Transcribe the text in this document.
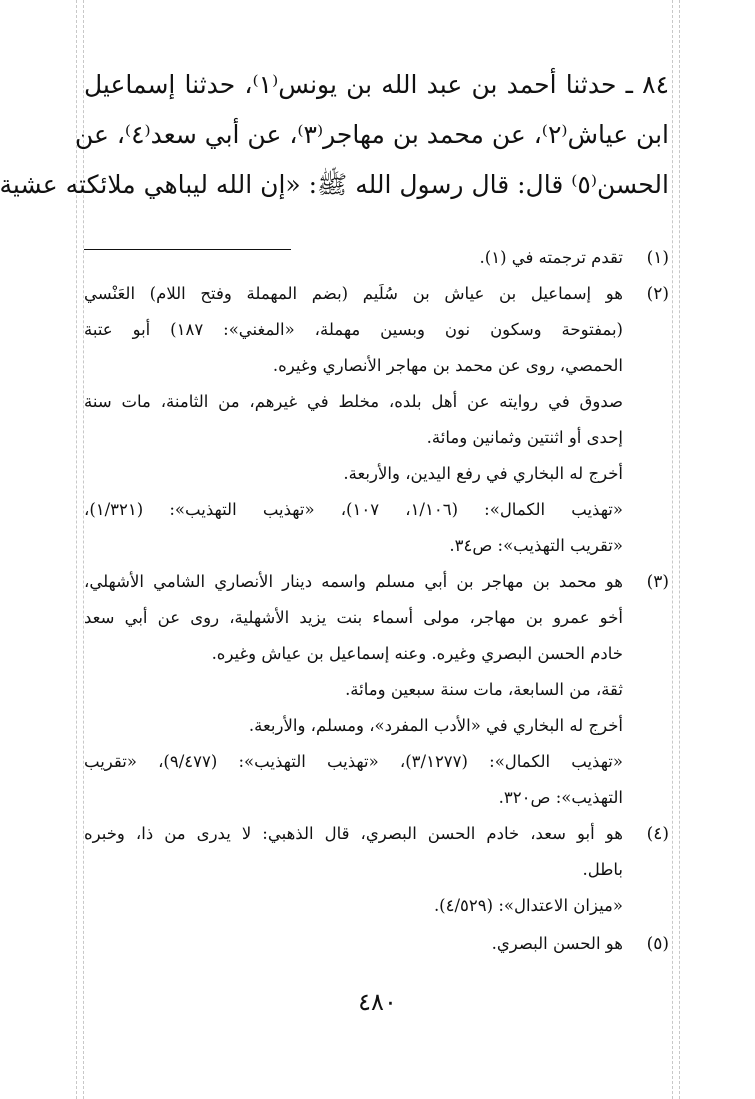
٨٤ ـ حدثنا أحمد بن عبد الله بن يونس⁽١⁾، حدثنا إسماعيل
ابن عياش⁽٢⁾، عن محمد بن مهاجر⁽٣⁾، عن أبي سعد⁽٤⁾، عن
الحسن⁽٥⁾ قال: قال رسول الله ﷺ: «إن الله ليباهي ملائكته عشية
(١)
تقدم ترجمته في (١).
(٢)
هو إسماعيل بن عياش بن سُلَيم (بضم المهملة وفتح اللام) العَنْسي
(بمفتوحة وسكون نون وبسين مهملة، «المغني»: ١٨٧) أبو عتبة
الحمصي، روى عن محمد بن مهاجر الأنصاري وغيره.
صدوق في روايته عن أهل بلده، مخلط في غيرهم، من الثامنة، مات سنة
إحدى أو اثنتين وثمانين ومائة.
أخرج له البخاري في رفع اليدين، والأربعة.
«تهذيب الكمال»: (١/١٠٦، ١٠٧)، «تهذيب التهذيب»: (١/٣٢١)،
«تقريب التهذيب»: ص٣٤.
(٣)
هو محمد بن مهاجر بن أبي مسلم واسمه دينار الأنصاري الشامي الأشهلي،
أخو عمرو بن مهاجر، مولى أسماء بنت يزيد الأشهلية، روى عن أبي سعد
خادم الحسن البصري وغيره. وعنه إسماعيل بن عياش وغيره.
ثقة، من السابعة، مات سنة سبعين ومائة.
أخرج له البخاري في «الأدب المفرد»، ومسلم، والأربعة.
«تهذيب الكمال»: (٣/١٢٧٧)، «تهذيب التهذيب»: (٩/٤٧٧)، «تقريب
التهذيب»: ص٣٢٠.
(٤)
هو أبو سعد، خادم الحسن البصري، قال الذهبي: لا يدرى من ذا، وخبره
باطل.
«ميزان الاعتدال»: (٤/٥٢٩).
(٥)
هو الحسن البصري.
٤٨٠
